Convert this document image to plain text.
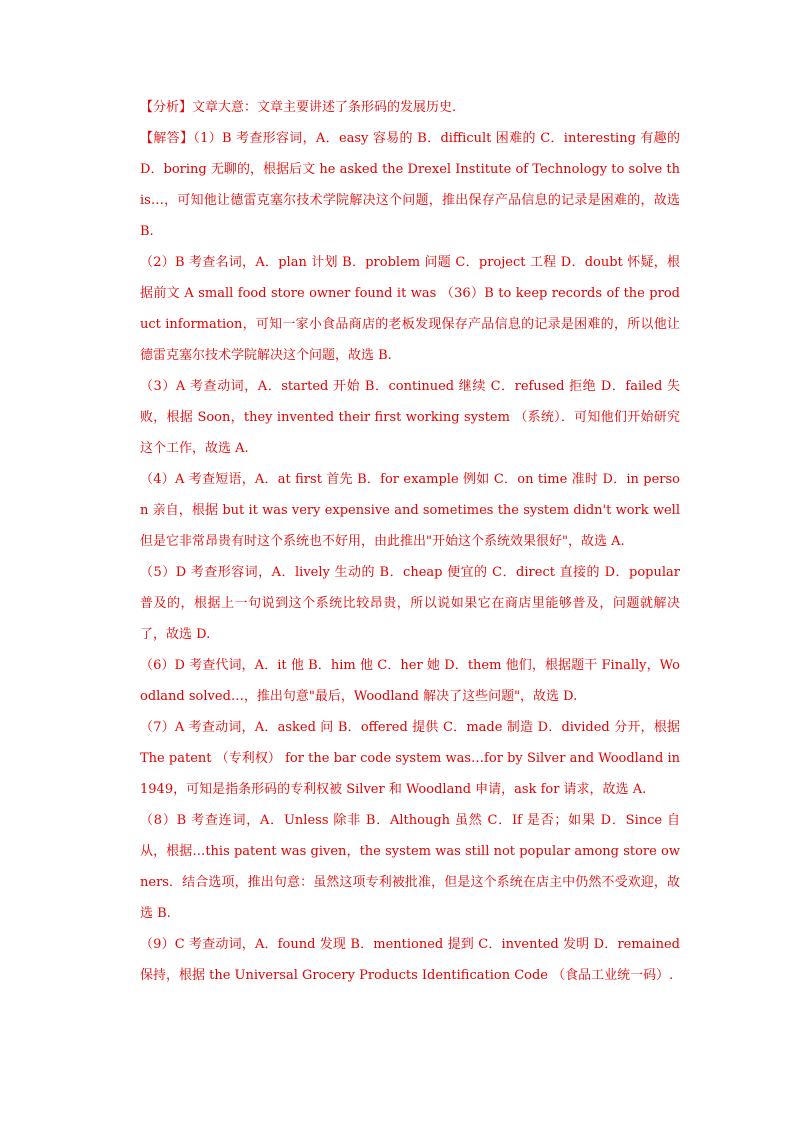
【分析】文章大意：文章主要讲述了条形码的发展历史.

【解答】（1）B 考查形容词，A．easy 容易的 B．difficult 困难的 C．interesting 有趣的 D．boring 无聊的，根据后文 he asked the Drexel Institute of Technology to solve this…，可知他让德雷克塞尔技术学院解决这个问题，推出保存产品信息的记录是困难的，故选 B.

（2）B 考查名词，A．plan 计划 B．problem 问题 C．project 工程 D．doubt 怀疑，根据前文 A small food store owner found it was （36）B to keep records of the product information，可知一家小食品商店的老板发现保存产品信息的记录是困难的，所以他让德雷克塞尔技术学院解决这个问题，故选 B.

（3）A 考查动词，A．started 开始 B．continued 继续 C．refused 拒绝 D．failed 失败，根据 Soon，they invented their first working system （系统）．可知他们开始研究这个工作，故选 A.

（4）A 考查短语，A．at first 首先 B．for example 例如 C．on time 准时 D．in person 亲自，根据 but it was very expensive and sometimes the system didn't work well 但是它非常昂贵有时这个系统也不好用，由此推出"开始这个系统效果很好"，故选 A.

（5）D 考查形容词，A．lively 生动的 B．cheap 便宜的 C．direct 直接的 D．popular 普及的，根据上一句说到这个系统比较昂贵，所以说如果它在商店里能够普及，问题就解决了，故选 D.

（6）D 考查代词，A．it 他 B．him 他 C．her 她 D．them 他们，根据题干 Finally，Woodland solved…，推出句意"最后，Woodland 解决了这些问题"，故选 D.

（7）A 考查动词，A．asked 问 B．offered 提供 C．made 制造 D．divided 分开，根据 The patent （专利权） for the bar code system was…for by Silver and Woodland in 1949，可知是指条形码的专利权被 Silver 和 Woodland 申请，ask for 请求，故选 A.

（8）B 考查连词，A．Unless 除非 B．Although 虽然 C．If 是否；如果 D．Since 自从，根据…this patent was given，the system was still not popular among store owners．结合选项，推出句意：虽然这项专利被批准，但是这个系统在店主中仍然不受欢迎，故选 B.

（9）C 考查动词，A．found 发现 B．mentioned 提到 C．invented 发明 D．remained 保持，根据 the Universal Grocery Products Identification Code （食品工业统一码）.
